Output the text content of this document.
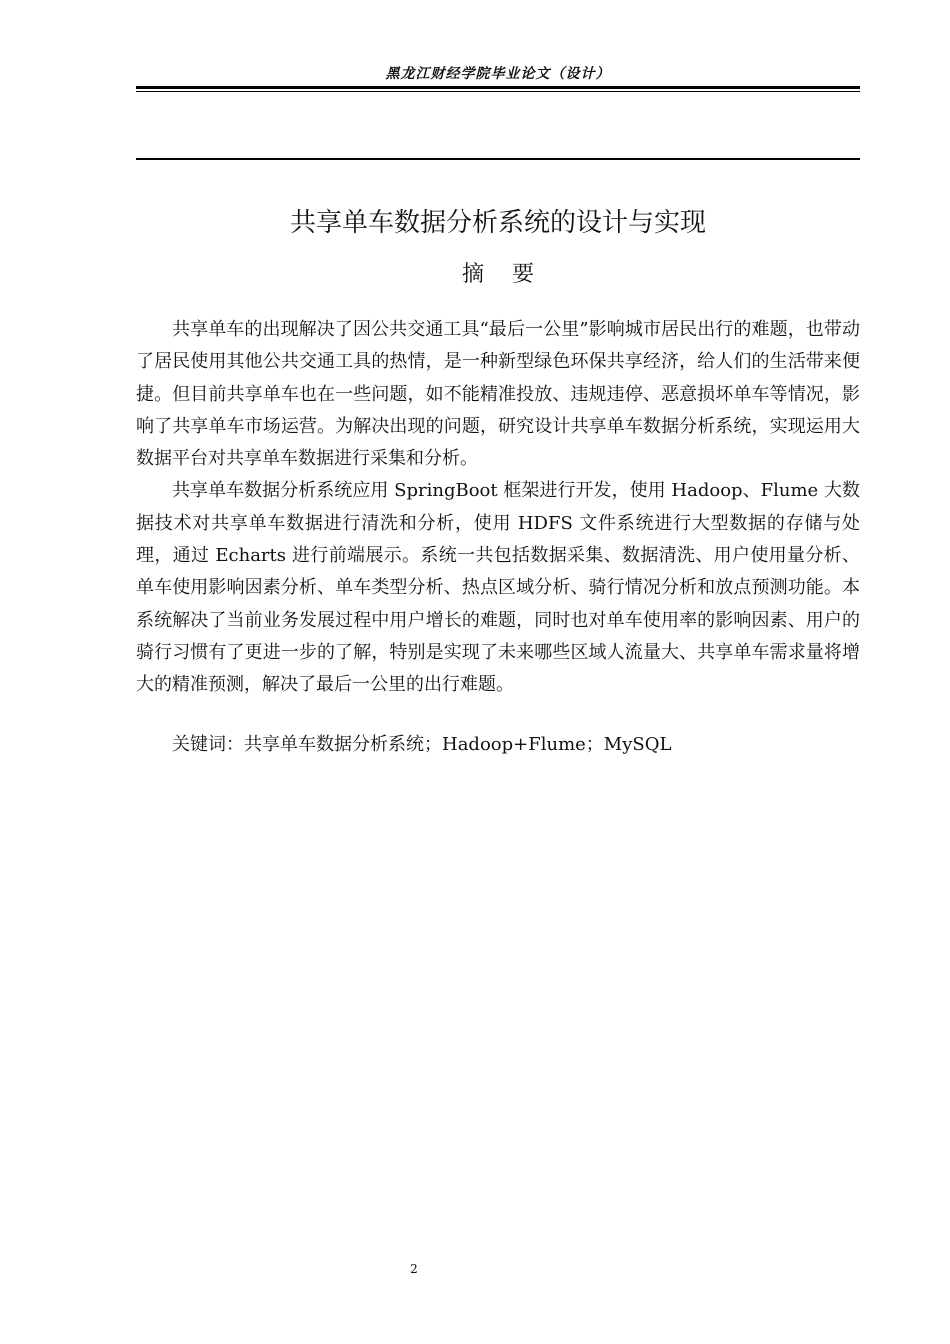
黑龙江财经学院毕业论文（设计）
共享单车数据分析系统的设计与实现
摘    要

共享单车的出现解决了因公共交通工具“最后一公里”影响城市居民出行的难题，也带动了居民使用其他公共交通工具的热情，是一种新型绿色环保共享经济，给人们的生活带来便捷。但目前共享单车也在一些问题，如不能精准投放、违规违停、恶意损坏单车等情况，影响了共享单车市场运营。为解决出现的问题，研究设计共享单车数据分析系统，实现运用大数据平台对共享单车数据进行采集和分析。

共享单车数据分析系统应用 SpringBoot 框架进行开发，使用 Hadoop、Flume 大数据技术对共享单车数据进行清洗和分析，使用 HDFS 文件系统进行大型数据的存储与处理，通过 Echarts 进行前端展示。系统一共包括数据采集、数据清洗、用户使用量分析、单车使用影响因素分析、单车类型分析、热点区域分析、骑行情况分析和放点预测功能。本系统解决了当前业务发展过程中用户增长的难题，同时也对单车使用率的影响因素、用户的骑行习惯有了更进一步的了解，特别是实现了未来哪些区域人流量大、共享单车需求量将增大的精准预测，解决了最后一公里的出行难题。

关键词：共享单车数据分析系统；Hadoop+Flume；MySQL

2
